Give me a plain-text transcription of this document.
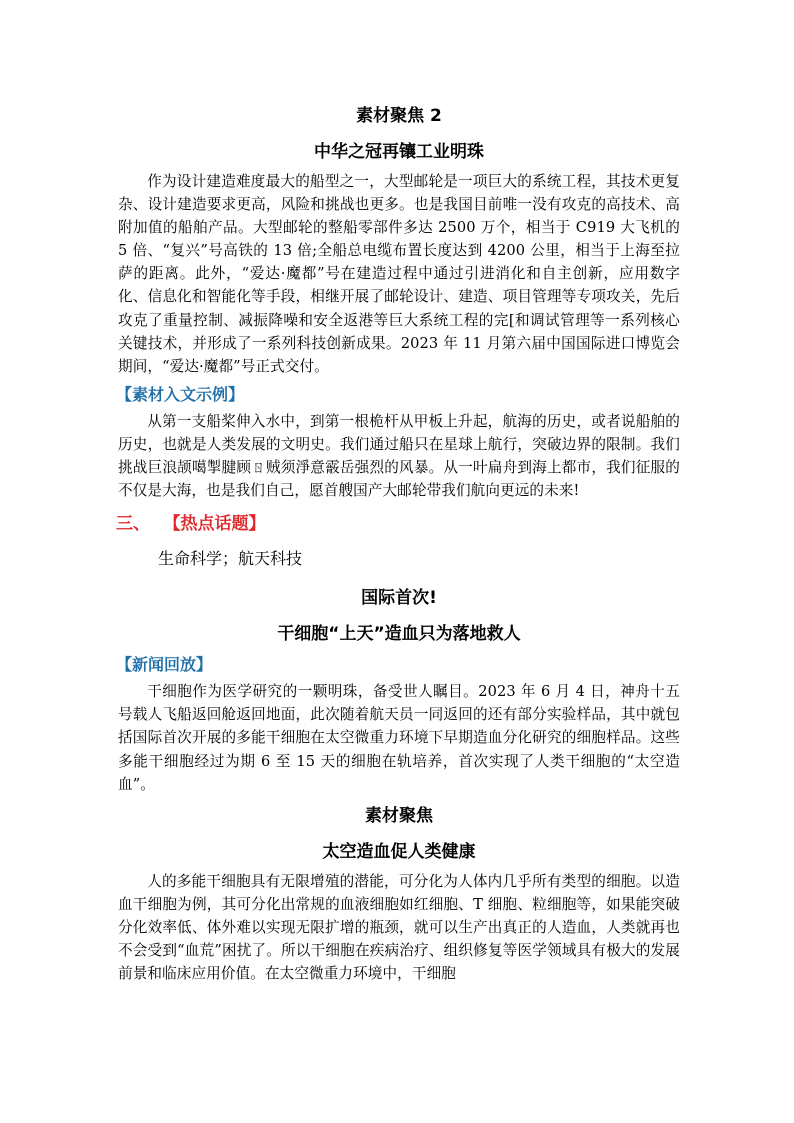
素材聚焦 2
中华之冠再镶工业明珠

作为设计建造难度最大的船型之一，大型邮轮是一项巨大的系统工程，其技术更复杂、设计建造要求更高，风险和挑战也更多。也是我国目前唯一没有攻克的高技术、高附加值的船舶产品。大型邮轮的整船零部件多达 2500 万个，相当于 C919 大飞机的 5 倍、“复兴”号高铁的 13 倍;全船总电缆布置长度达到 4200 公里，相当于上海至拉萨的距离。此外，“爱达·魔都”号在建造过程中通过引进消化和自主创新，应用数字化、信息化和智能化等手段，相继开展了邮轮设计、建造、项目管理等专项攻关，先后攻克了重量控制、减振降噪和安全返港等巨大系统工程的完[和调试管理等一系列核心关键技术，并形成了一系列科技创新成果。2023 年 11 月第六届中国国际进口博览会期间，“爱达·魔都”号正式交付。

【素材入文示例】

从第一支船桨伸入水中，到第一根桅杆从甲板上升起，航海的历史，或者说船舶的历史，也就是人类发展的文明史。我们通过船只在星球上航行，突破边界的限制。我们挑战巨浪颉噶掣腱顾ㄖ贼须淨意霰岳强烈的风暴。从一叶扁舟到海上都市，我们征服的不仅是大海，也是我们自己，愿首艘国产大邮轮带我们航向更远的未来!

三、 【热点话题】
生命科学；航天科技
国际首次!
干细胞“上天”造血只为落地救人
【新闻回放】

干细胞作为医学研究的一颗明珠，备受世人瞩目。2023 年 6 月 4 日，神舟十五号载人飞船返回舱返回地面，此次随着航天员一同返回的还有部分实验样品，其中就包括国际首次开展的多能干细胞在太空微重力环境下早期造血分化研究的细胞样品。这些多能干细胞经过为期 6 至 15 天的细胞在轨培养，首次实现了人类干细胞的“太空造血”。

素材聚焦
太空造血促人类健康

人的多能干细胞具有无限增殖的潜能，可分化为人体内几乎所有类型的细胞。以造血干细胞为例，其可分化出常规的血液细胞如红细胞、T 细胞、粒细胞等，如果能突破分化效率低、体外难以实现无限扩增的瓶颈，就可以生产出真正的人造血，人类就再也不会受到“血荒”困扰了。所以干细胞在疾病治疗、组织修复等医学领域具有极大的发展前景和临床应用价值。在太空微重力环境中，干细胞
